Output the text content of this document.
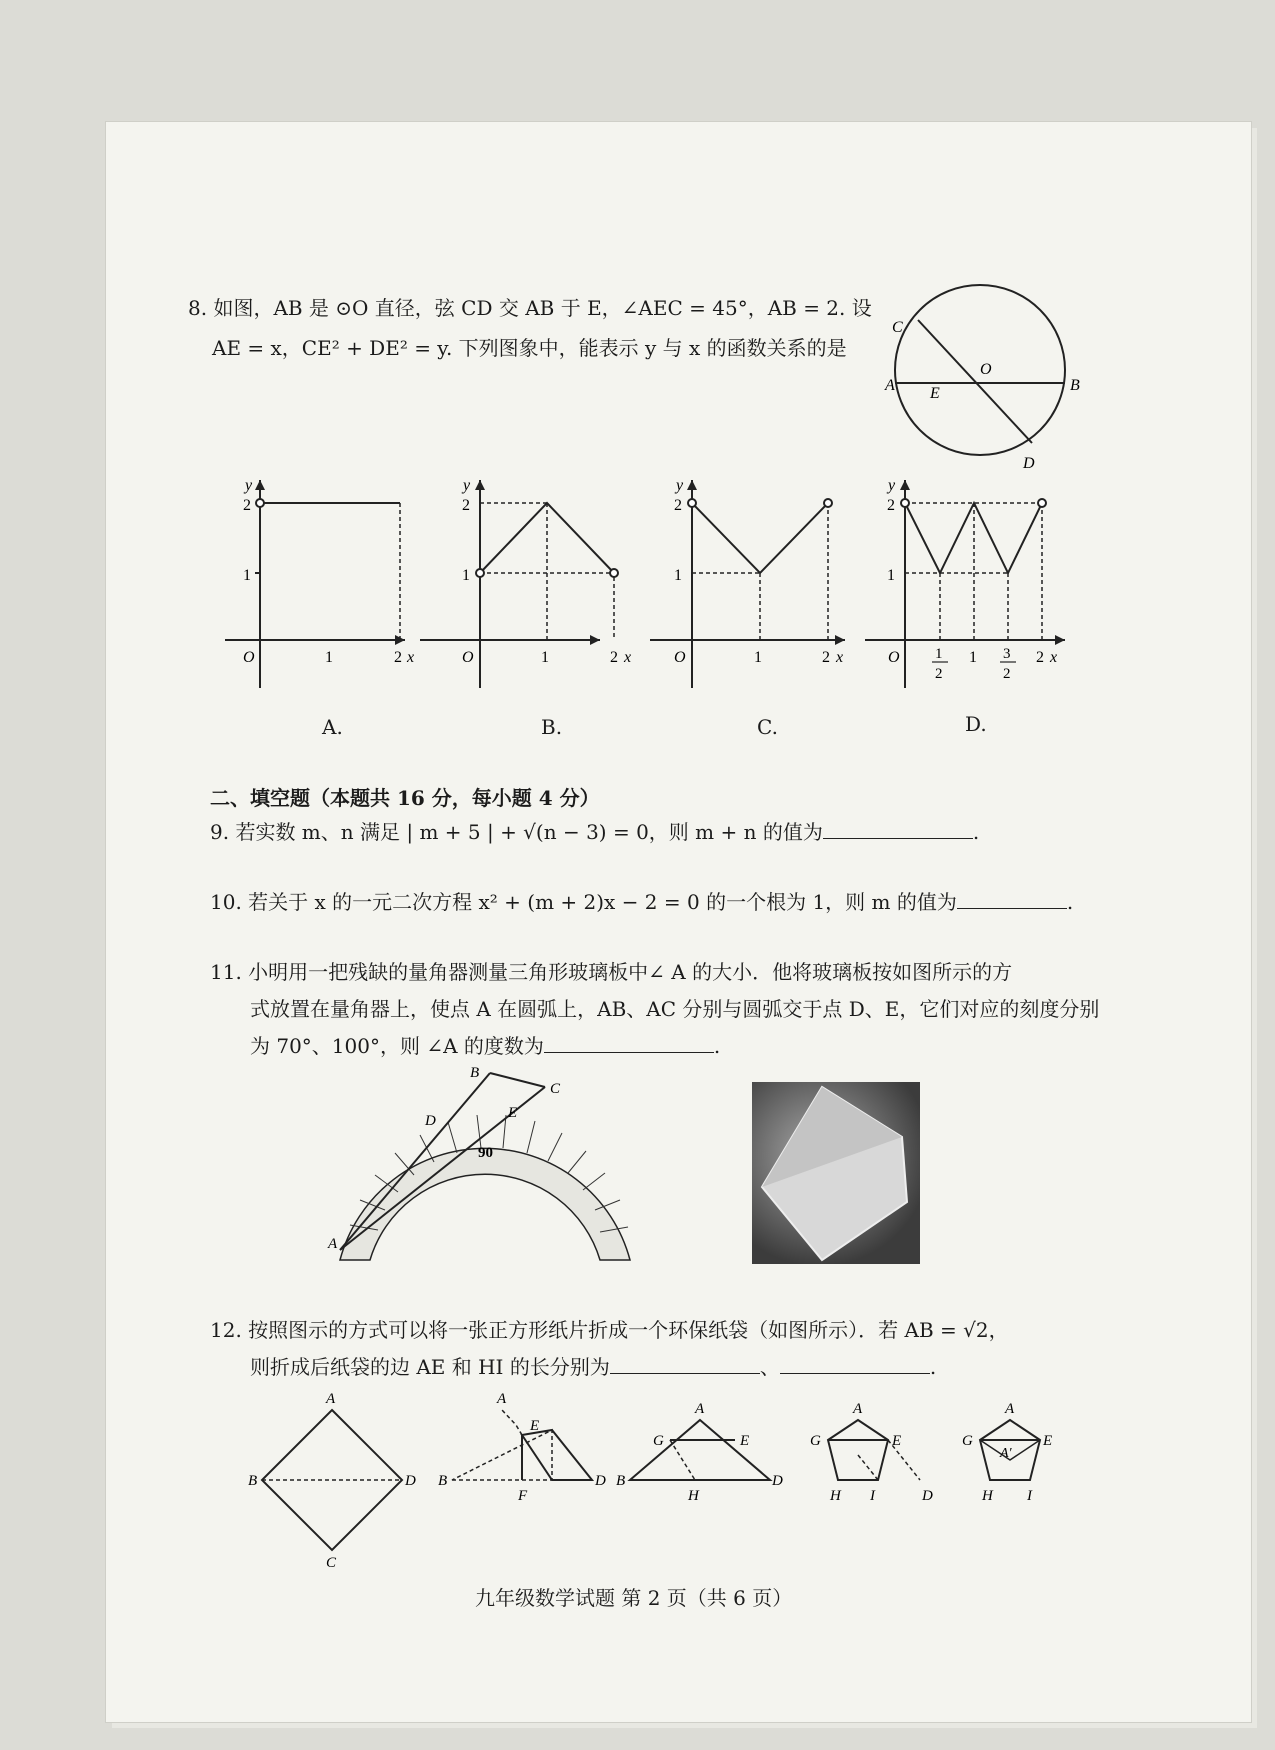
8. 如图，AB 是 ⊙O 直径，弦 CD 交 AB 于 E，∠AEC = 45°，AB = 2. 设
AE = x，CE² + DE² = y. 下列图象中，能表示 y 与 x 的函数关系的是
C
O
A E	B
D
y
2
1
O	1	2 x
y
2
1
O	1	2 x
y
2
1
O	1	2 x
y
2
1
O 1
2
1 3
2
2 x
A.	B.	C.	D.
二、填空题（本题共 16 分，每小题 4 分）
9. 若实数 m、n 满足 | m + 5 | + √(n − 3) = 0，则 m + n 的值为	.
10. 若关于 x 的一元二次方程 x² + (m + 2)x − 2 = 0 的一个根为 1，则 m 的值为	.
11. 小明用一把残缺的量角器测量三角形玻璃板中∠ A 的大小．他将玻璃板按如图所示的方
式放置在量角器上，使点 A 在圆弧上，AB、AC 分别与圆弧交于点 D、E，它们对应的刻度分别
为 70°、100°，则 ∠A 的度数为	.
B
C
D	E
A
90
12. 按照图示的方式可以将一张正方形纸片折成一个环保纸袋（如图所示）．若 AB = √2，
则折成后纸袋的边 AE 和 HI 的长分别为	、	.
A
B
C
D
A
B
E
F
D
A
B
G	E
H
D
A
G	E
H I	D
A
G	E
A′
H I
九年级数学试题 第 2 页（共 6 页）
